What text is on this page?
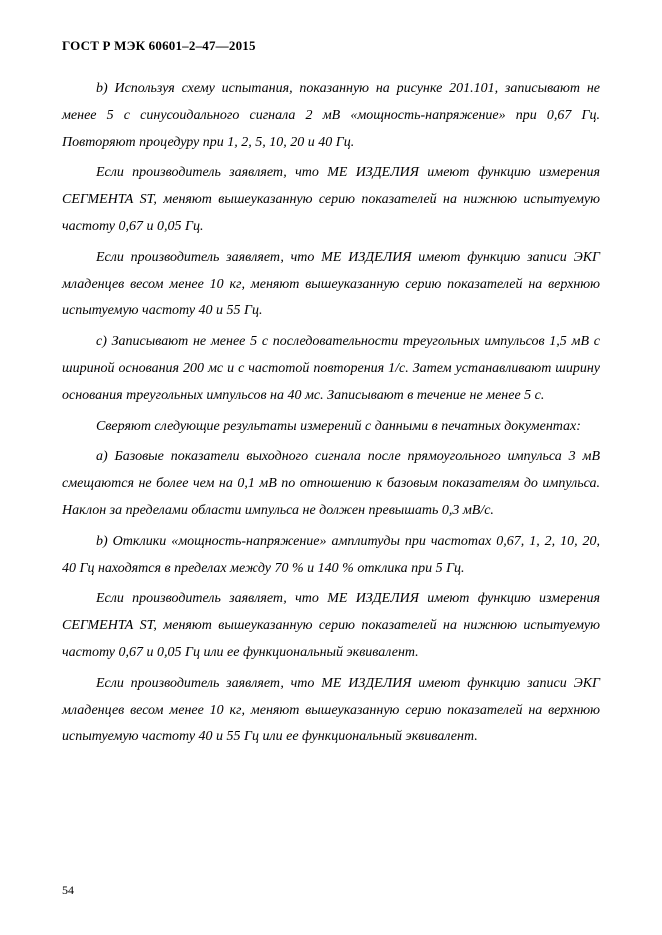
ГОСТ Р МЭК 60601–2–47—2015

b) Используя схему испытания, показанную на рисунке 201.101, записывают не менее 5 с синусоидального сигнала 2 мВ «мощность-напряжение» при 0,67 Гц. Повторяют процедуру при 1, 2, 5, 10, 20 и 40 Гц.

Если производитель заявляет, что МЕ ИЗДЕЛИЯ имеют функцию измерения СЕГМЕНТА ST, меняют вышеуказанную серию показателей на нижнюю испытуемую частоту 0,67 и 0,05 Гц.

Если производитель заявляет, что МЕ ИЗДЕЛИЯ имеют функцию записи ЭКГ младенцев весом менее 10 кг, меняют вышеуказанную серию показателей на верхнюю испытуемую частоту 40 и 55 Гц.

c) Записывают не менее 5 с последовательности треугольных импульсов 1,5 мВ с шириной основания 200 мс и с частотой повторения 1/с. Затем устанавливают ширину основания треугольных импульсов на 40 мс. Записывают в течение не менее 5 с.

Сверяют следующие результаты измерений с данными в печатных документах:

a) Базовые показатели выходного сигнала после прямоугольного импульса 3 мВ смещаются не более чем на 0,1 мВ по отношению к базовым показателям до импульса. Наклон за пределами области импульса не должен превышать 0,3 мВ/с.

b) Отклики «мощность-напряжение» амплитуды при частотах 0,67, 1, 2, 10, 20, 40 Гц находятся в пределах между 70 % и 140 % отклика при 5 Гц.

Если производитель заявляет, что МЕ ИЗДЕЛИЯ имеют функцию измерения СЕГМЕНТА ST, меняют вышеуказанную серию показателей на нижнюю испытуемую частоту 0,67 и 0,05 Гц или ее функциональный эквивалент.

Если производитель заявляет, что МЕ ИЗДЕЛИЯ имеют функцию записи ЭКГ младенцев весом менее 10 кг, меняют вышеуказанную серию показателей на верхнюю испытуемую частоту 40 и 55 Гц или ее функциональный эквивалент.

54
